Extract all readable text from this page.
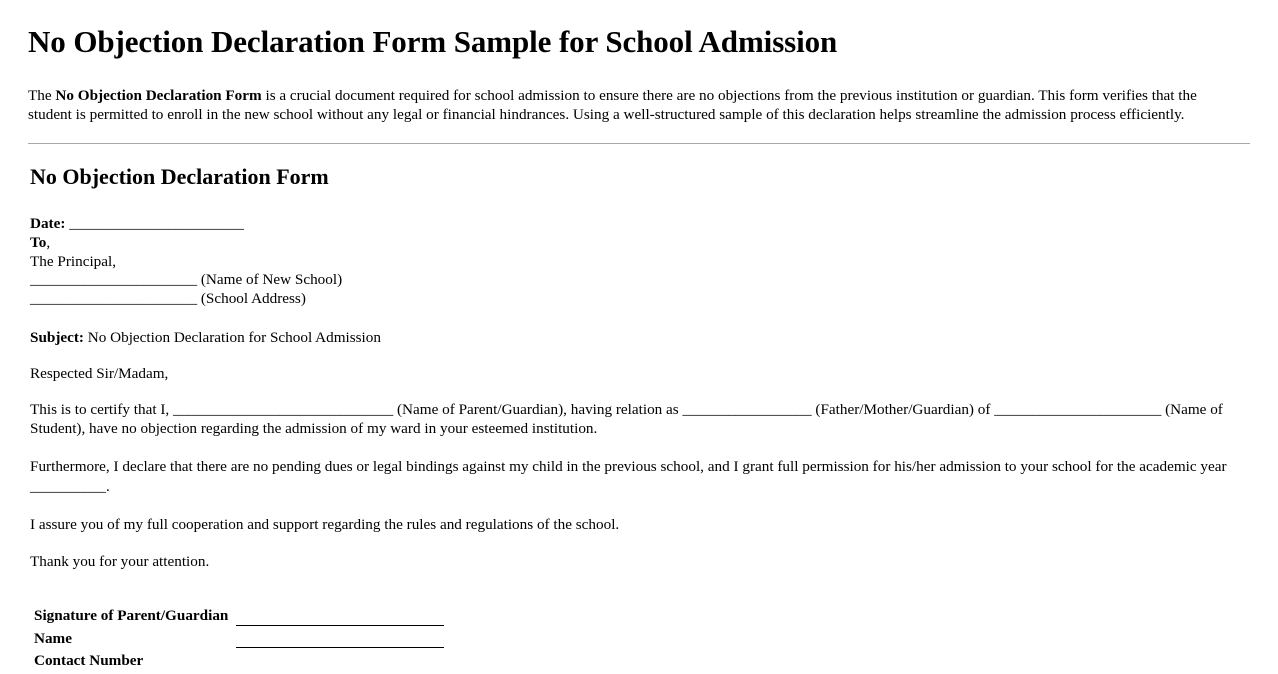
No Objection Declaration Form Sample for School Admission

The No Objection Declaration Form is a crucial document required for school admission to ensure there are no objections from the previous institution or guardian. This form verifies that the student is permitted to enroll in the new school without any legal or financial hindrances. Using a well-structured sample of this declaration helps streamline the admission process efficiently.

No Objection Declaration Form

Date: _______________________

To,

The Principal,

______________________ (Name of New School)

______________________ (School Address)

Subject: No Objection Declaration for School Admission

Respected Sir/Madam,

This is to certify that I, _____________________________ (Name of Parent/Guardian), having relation as _________________ (Father/Mother/Guardian) of ______________________ (Name of Student), have no objection regarding the admission of my ward in your esteemed institution.

Furthermore, I declare that there are no pending dues or legal bindings against my child in the previous school, and I grant full permission for his/her admission to your school for the academic year __________.

I assure you of my full cooperation and support regarding the rules and regulations of the school.

Thank you for your attention.

Signature of Parent/Guardian	

Name	

Contact Number	
